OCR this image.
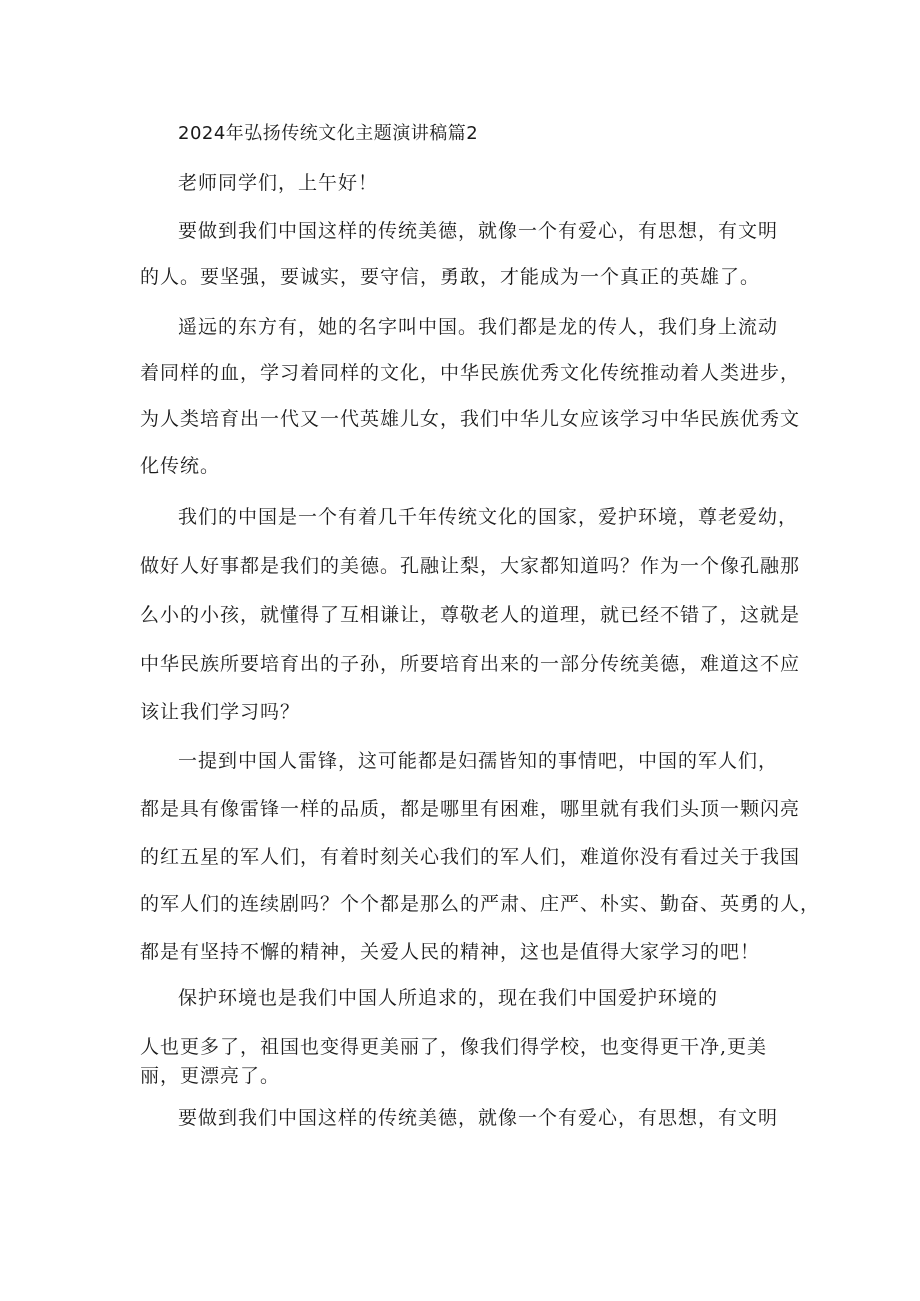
2024年弘扬传统文化主题演讲稿篇2

老师同学们，上午好！

要做到我们中国这样的传统美德，就像一个有爱心，有思想，有文明

的人。要坚强，要诚实，要守信，勇敢，才能成为一个真正的英雄了。

遥远的东方有，她的名字叫中国。我们都是龙的传人，我们身上流动

着同样的血，学习着同样的文化，中华民族优秀文化传统推动着人类进步，

为人类培育出一代又一代英雄儿女，我们中华儿女应该学习中华民族优秀文

化传统。

我们的中国是一个有着几千年传统文化的国家，爱护环境，尊老爱幼，

做好人好事都是我们的美德。孔融让梨，大家都知道吗？作为一个像孔融那

么小的小孩，就懂得了互相谦让，尊敬老人的道理，就已经不错了，这就是

中华民族所要培育出的子孙，所要培育出来的一部分传统美德，难道这不应

该让我们学习吗？

一提到中国人雷锋，这可能都是妇孺皆知的事情吧，中国的军人们，

都是具有像雷锋一样的品质，都是哪里有困难，哪里就有我们头顶一颗闪亮

的红五星的军人们，有着时刻关心我们的军人们，难道你没有看过关于我国

的军人们的连续剧吗？个个都是那么的严肃、庄严、朴实、勤奋、英勇的人，

都是有坚持不懈的精神，关爱人民的精神，这也是值得大家学习的吧！

保护环境也是我们中国人所追求的，现在我们中国爱护环境的

人也更多了，祖国也变得更美丽了，像我们得学校，也变得更干净,更美

丽，更漂亮了。

要做到我们中国这样的传统美德，就像一个有爱心，有思想，有文明
